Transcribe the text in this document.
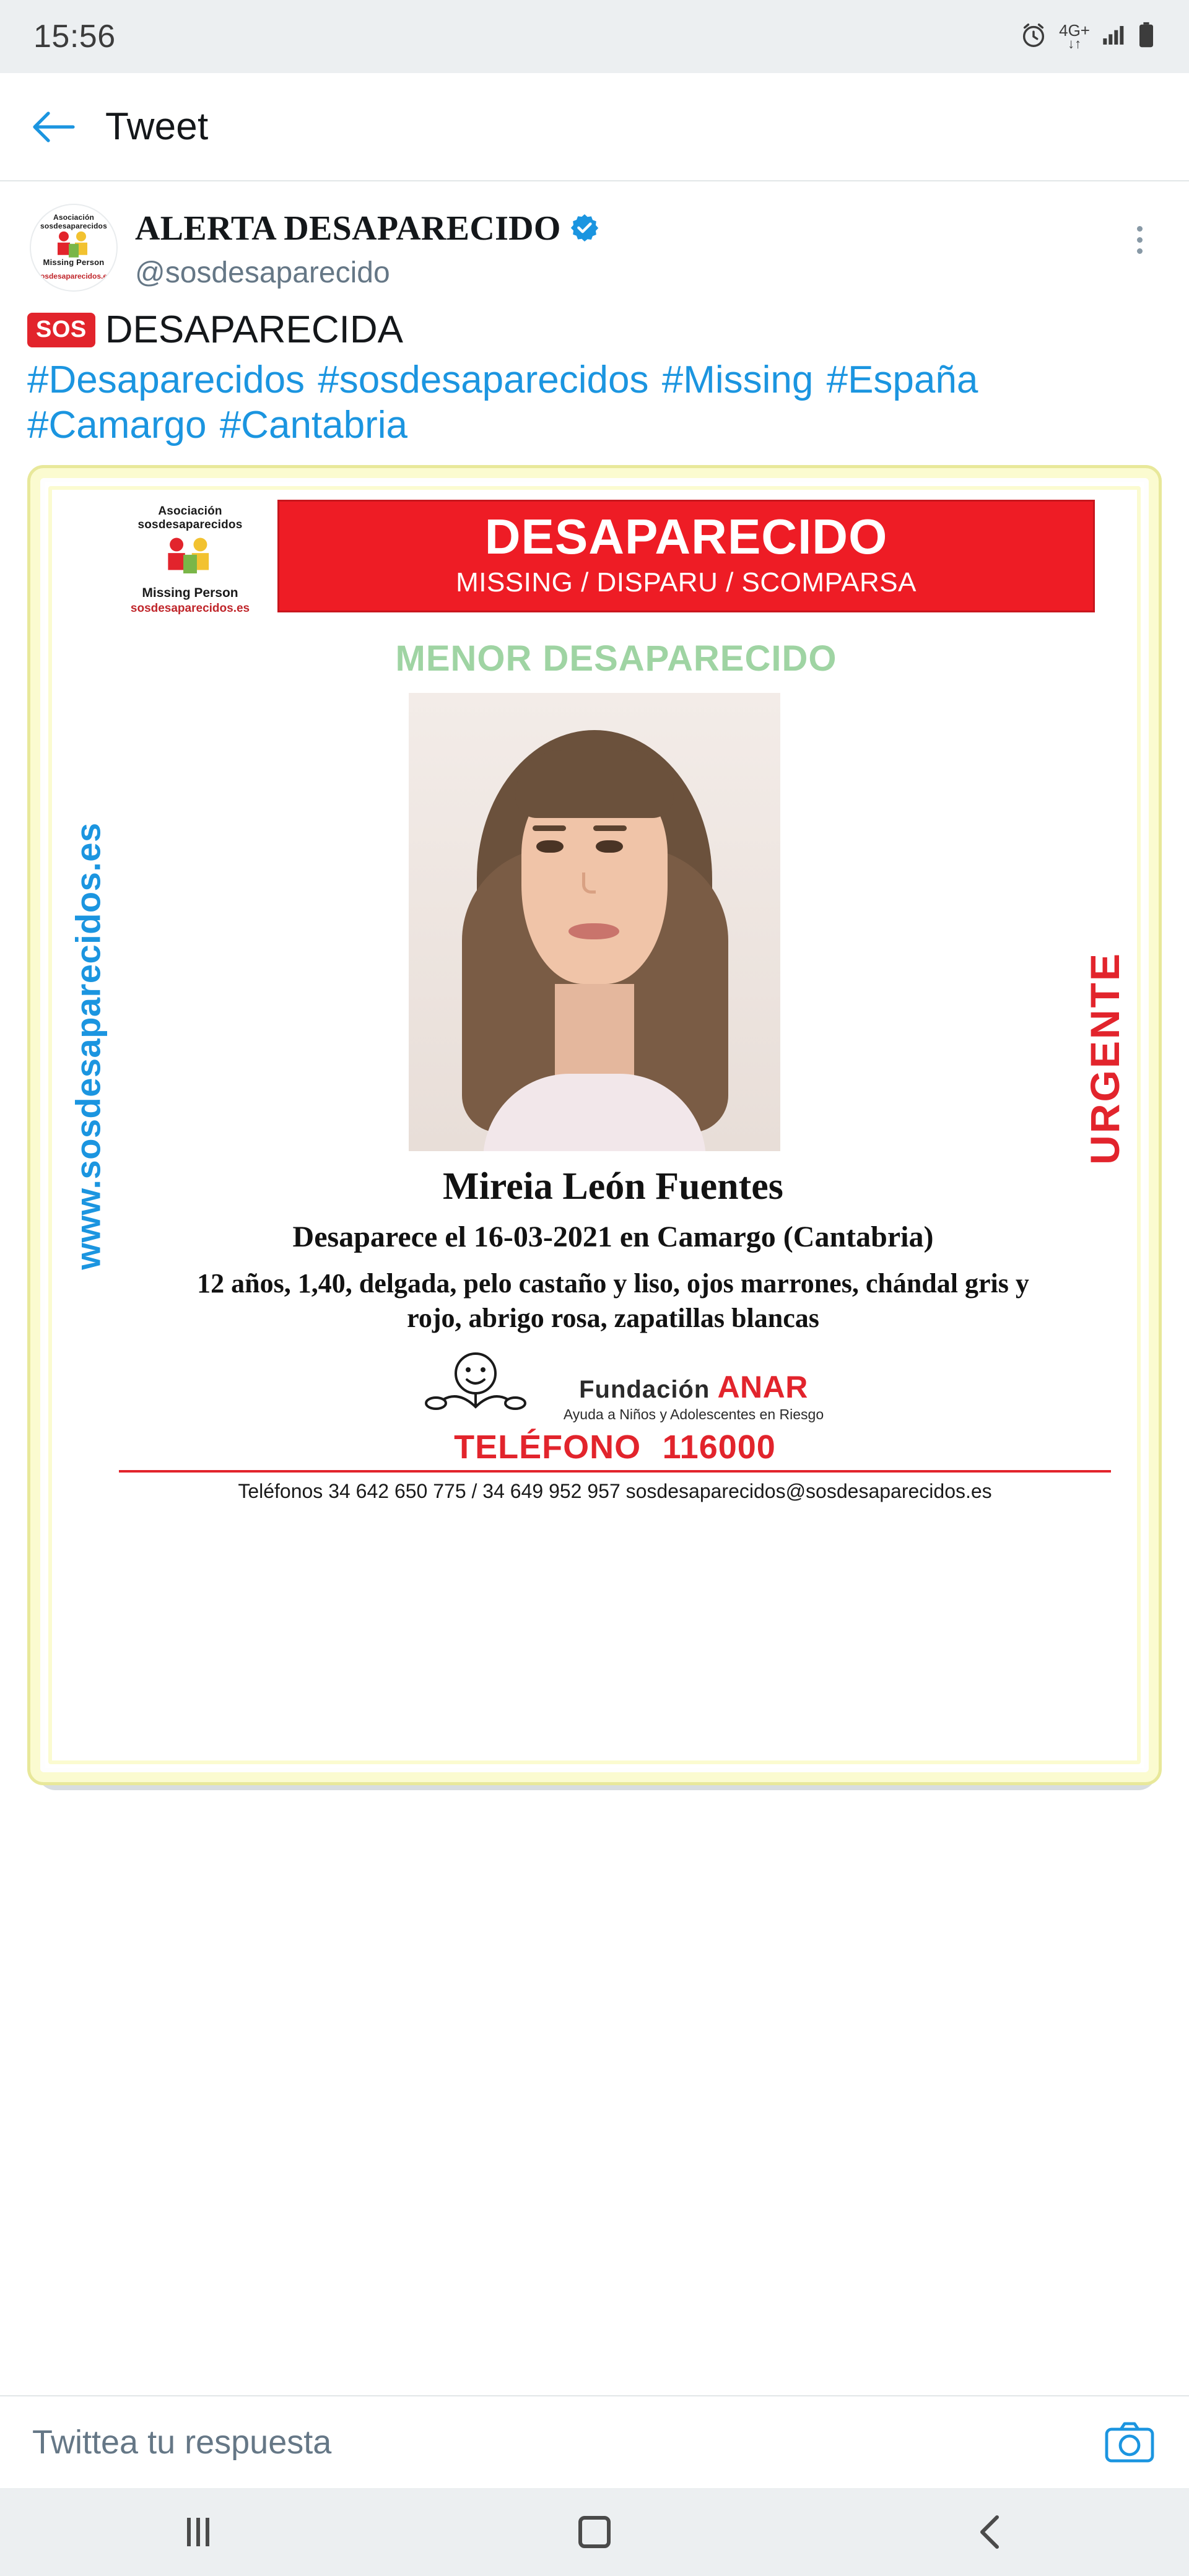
15:56	4G+
↓↑
Tweet
Asociación sosdesaparecidos
Missing Person
sosdesaparecidos.es
ALERTA DESAPARECIDO
@sosdesaparecido
SOS DESAPARECIDA
#Desaparecidos #sosdesaparecidos #Missing #España #Camargo #Cantabria
www.sosdesaparecidos.es	URGENTE
Asociación sosdesaparecidos
Missing Person
sosdesaparecidos.es
DESAPARECIDO
MISSING / DISPARU / SCOMPARSA
MENOR DESAPARECIDO
Mireia León Fuentes
Desaparece el 16-03-2021 en Camargo (Cantabria)
12 años, 1,40, delgada, pelo castaño y liso, ojos marrones, chándal gris y rojo, abrigo rosa, zapatillas blancas
Fundación ANAR
Ayuda a Niños y Adolescentes en Riesgo
TELÉFONO 116000
Teléfonos 34 642 650 775 / 34 649 952 957 sosdesaparecidos@sosdesaparecidos.es
Twittea tu respuesta
